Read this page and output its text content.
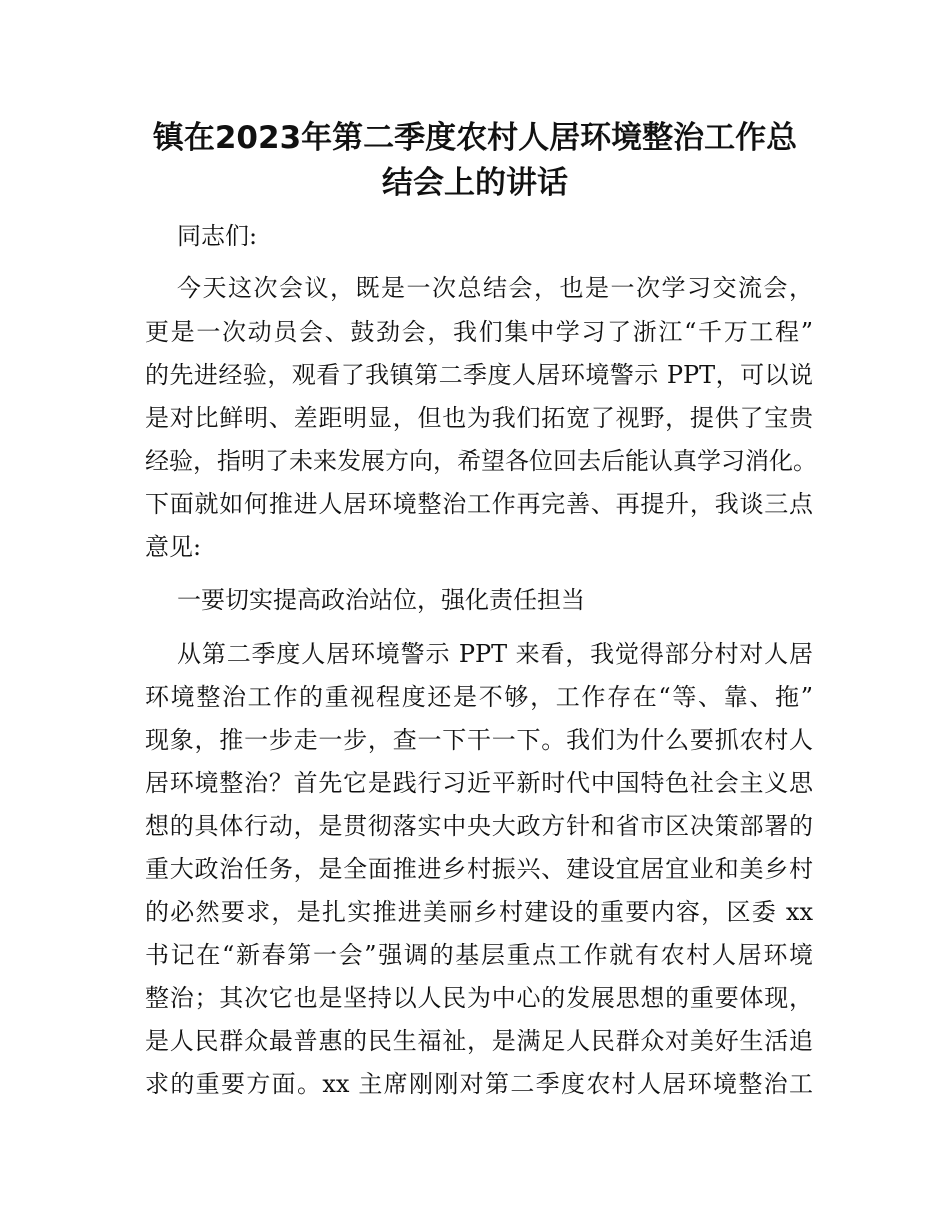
镇在2023年第二季度农村人居环境整治工作总
结会上的讲话
同志们:
今天这次会议，既是一次总结会，也是一次学习交流会，
更是一次动员会、鼓劲会，我们集中学习了浙江“千万工程”
的先进经验，观看了我镇第二季度人居环境警示 PPT，可以说
是对比鲜明、差距明显，但也为我们拓宽了视野，提供了宝贵
经验，指明了未来发展方向，希望各位回去后能认真学习消化。
下面就如何推进人居环境整治工作再完善、再提升，我谈三点
意见:
一要切实提高政治站位，强化责任担当
从第二季度人居环境警示 PPT 来看，我觉得部分村对人居
环境整治工作的重视程度还是不够，工作存在“等、靠、拖”
现象，推一步走一步，查一下干一下。我们为什么要抓农村人
居环境整治？首先它是践行习近平新时代中国特色社会主义思
想的具体行动，是贯彻落实中央大政方针和省市区决策部署的
重大政治任务，是全面推进乡村振兴、建设宜居宜业和美乡村
的必然要求，是扎实推进美丽乡村建设的重要内容，区委 xx
书记在“新春第一会”强调的基层重点工作就有农村人居环境
整治；其次它也是坚持以人民为中心的发展思想的重要体现，
是人民群众最普惠的民生福祉，是满足人民群众对美好生活追
求的重要方面。xx 主席刚刚对第二季度农村人居环境整治工
